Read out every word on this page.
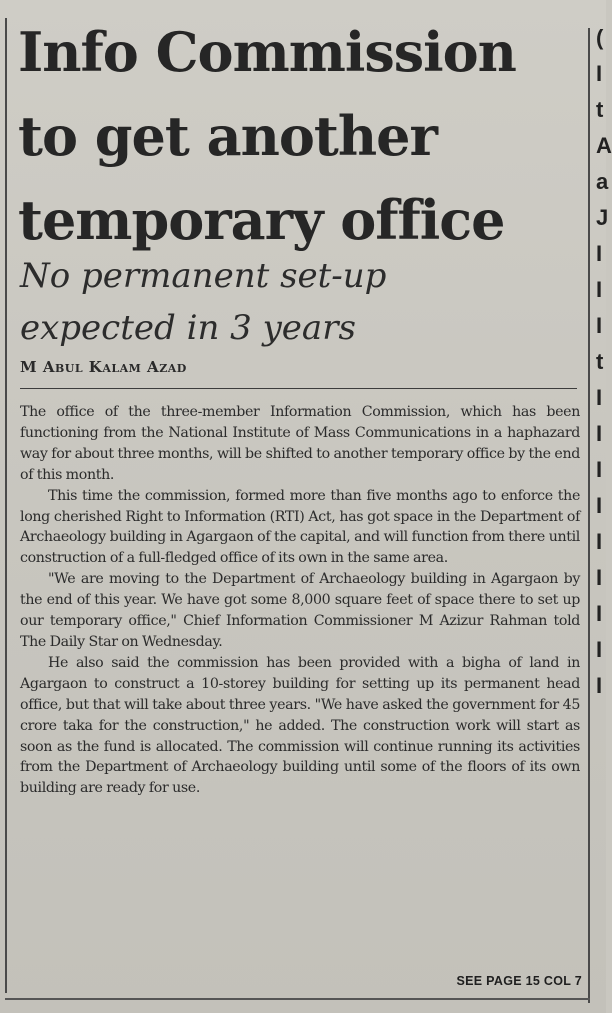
(
I
t
A
a
J
I
I
I
t
I
I
I
I
I
I
I
I
I
Info Commission
to get another
temporary office
No permanent set-up
expected in 3 years
M Abul Kalam Azad

The office of the three-member Information Commission, which has been functioning from the National Institute of Mass Communications in a haphazard way for about three months, will be shifted to another temporary office by the end of this month.

This time the commission, formed more than five months ago to enforce the long cherished Right to Information (RTI) Act, has got space in the Department of Archaeology building in Agargaon of the capital, and will function from there until construction of a full-fledged office of its own in the same area.

"We are moving to the Department of Archaeology building in Agargaon by the end of this year. We have got some 8,000 square feet of space there to set up our temporary office," Chief Information Commissioner M Azizur Rahman told The Daily Star on Wednesday.

He also said the commission has been provided with a bigha of land in Agargaon to construct a 10-storey building for setting up its permanent head office, but that will take about three years. "We have asked the government for 45 crore taka for the construction," he added. The construction work will start as soon as the fund is allocated. The commission will continue running its activities from the Department of Archaeology building until some of the floors of its own building are ready for use.

SEE PAGE 15 COL 7
